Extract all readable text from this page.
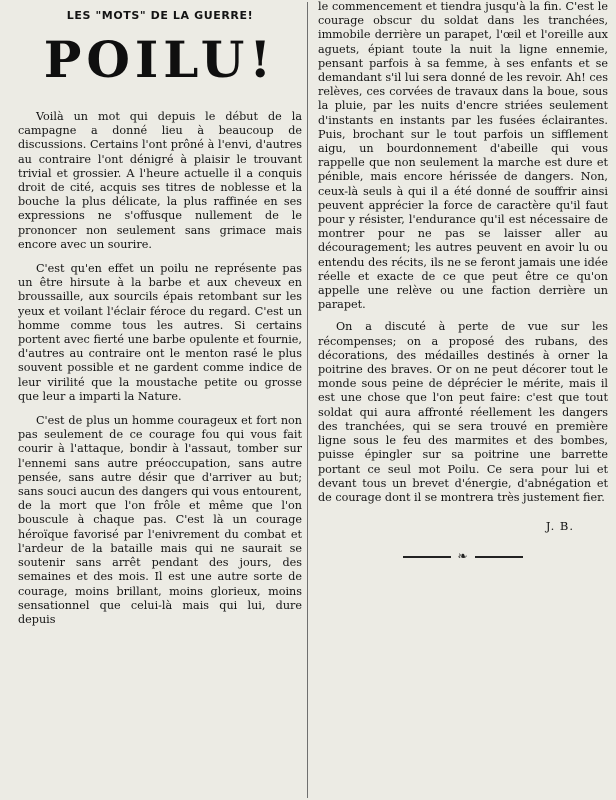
LES "MOTS" DE LA GUERRE!
POILU!

Voilà un mot qui depuis le début de la campagne a donné lieu à beaucoup de discussions. Certains l'ont prôné à l'envi, d'autres au contraire l'ont dénigré à plaisir le trouvant trivial et grossier. A l'heure actuelle il a conquis droit de cité, acquis ses titres de noblesse et la bouche la plus délicate, la plus raffinée en ses expressions ne s'offusque nullement de le prononcer non seulement sans grimace mais encore avec un sourire.

C'est qu'en effet un poilu ne représente pas un être hirsute à la barbe et aux cheveux en broussaille, aux sourcils épais retombant sur les yeux et voilant l'éclair féroce du regard. C'est un homme comme tous les autres. Si certains portent avec fierté une barbe opulente et fournie, d'autres au contraire ont le menton rasé le plus souvent possible et ne gardent comme indice de leur virilité que la moustache petite ou grosse que leur a imparti la Nature.

C'est de plus un homme courageux et fort non pas seulement de ce courage fou qui vous fait courir à l'attaque, bondir à l'assaut, tomber sur l'ennemi sans autre préoccupation, sans autre pensée, sans autre désir que d'arriver au but; sans souci aucun des dangers qui vous entourent, de la mort que l'on frôle et même que l'on bouscule à chaque pas. C'est là un courage héroïque favorisé par l'enivrement du combat et l'ardeur de la bataille mais qui ne saurait se soutenir sans arrêt pendant des jours, des semaines et des mois. Il est une autre sorte de courage, moins brillant, moins glorieux, moins sensationnel que celui-là mais qui lui, dure depuis

le commencement et tiendra jusqu'à la fin. C'est le courage obscur du soldat dans les tranchées, immobile derrière un parapet, l'œil et l'oreille aux aguets, épiant toute la nuit la ligne ennemie, pensant parfois à sa femme, à ses enfants et se demandant s'il lui sera donné de les revoir. Ah! ces relèves, ces corvées de travaux dans la boue, sous la pluie, par les nuits d'encre striées seulement d'instants en instants par les fusées éclairantes. Puis, brochant sur le tout parfois un sifflement aigu, un bourdonnement d'abeille qui vous rappelle que non seulement la marche est dure et pénible, mais encore hérissée de dangers. Non, ceux-là seuls à qui il a été donné de souffrir ainsi peuvent apprécier la force de caractère qu'il faut pour y résister, l'endurance qu'il est nécessaire de montrer pour ne pas se laisser aller au découragement; les autres peuvent en avoir lu ou entendu des récits, ils ne se feront jamais une idée réelle et exacte de ce que peut être ce qu'on appelle une relève ou une faction derrière un parapet.

On a discuté à perte de vue sur les récompenses; on a proposé des rubans, des décorations, des médailles destinés à orner la poitrine des braves. Or on ne peut décorer tout le monde sous peine de déprécier le mérite, mais il est une chose que l'on peut faire: c'est que tout soldat qui aura affronté réellement les dangers des tranchées, qui se sera trouvé en première ligne sous le feu des marmites et des bombes, puisse épingler sur sa poitrine une barrette portant ce seul mot Poilu. Ce sera pour lui et devant tous un brevet d'énergie, d'abnégation et de courage dont il se montrera très justement fier.

J. B.
❧
